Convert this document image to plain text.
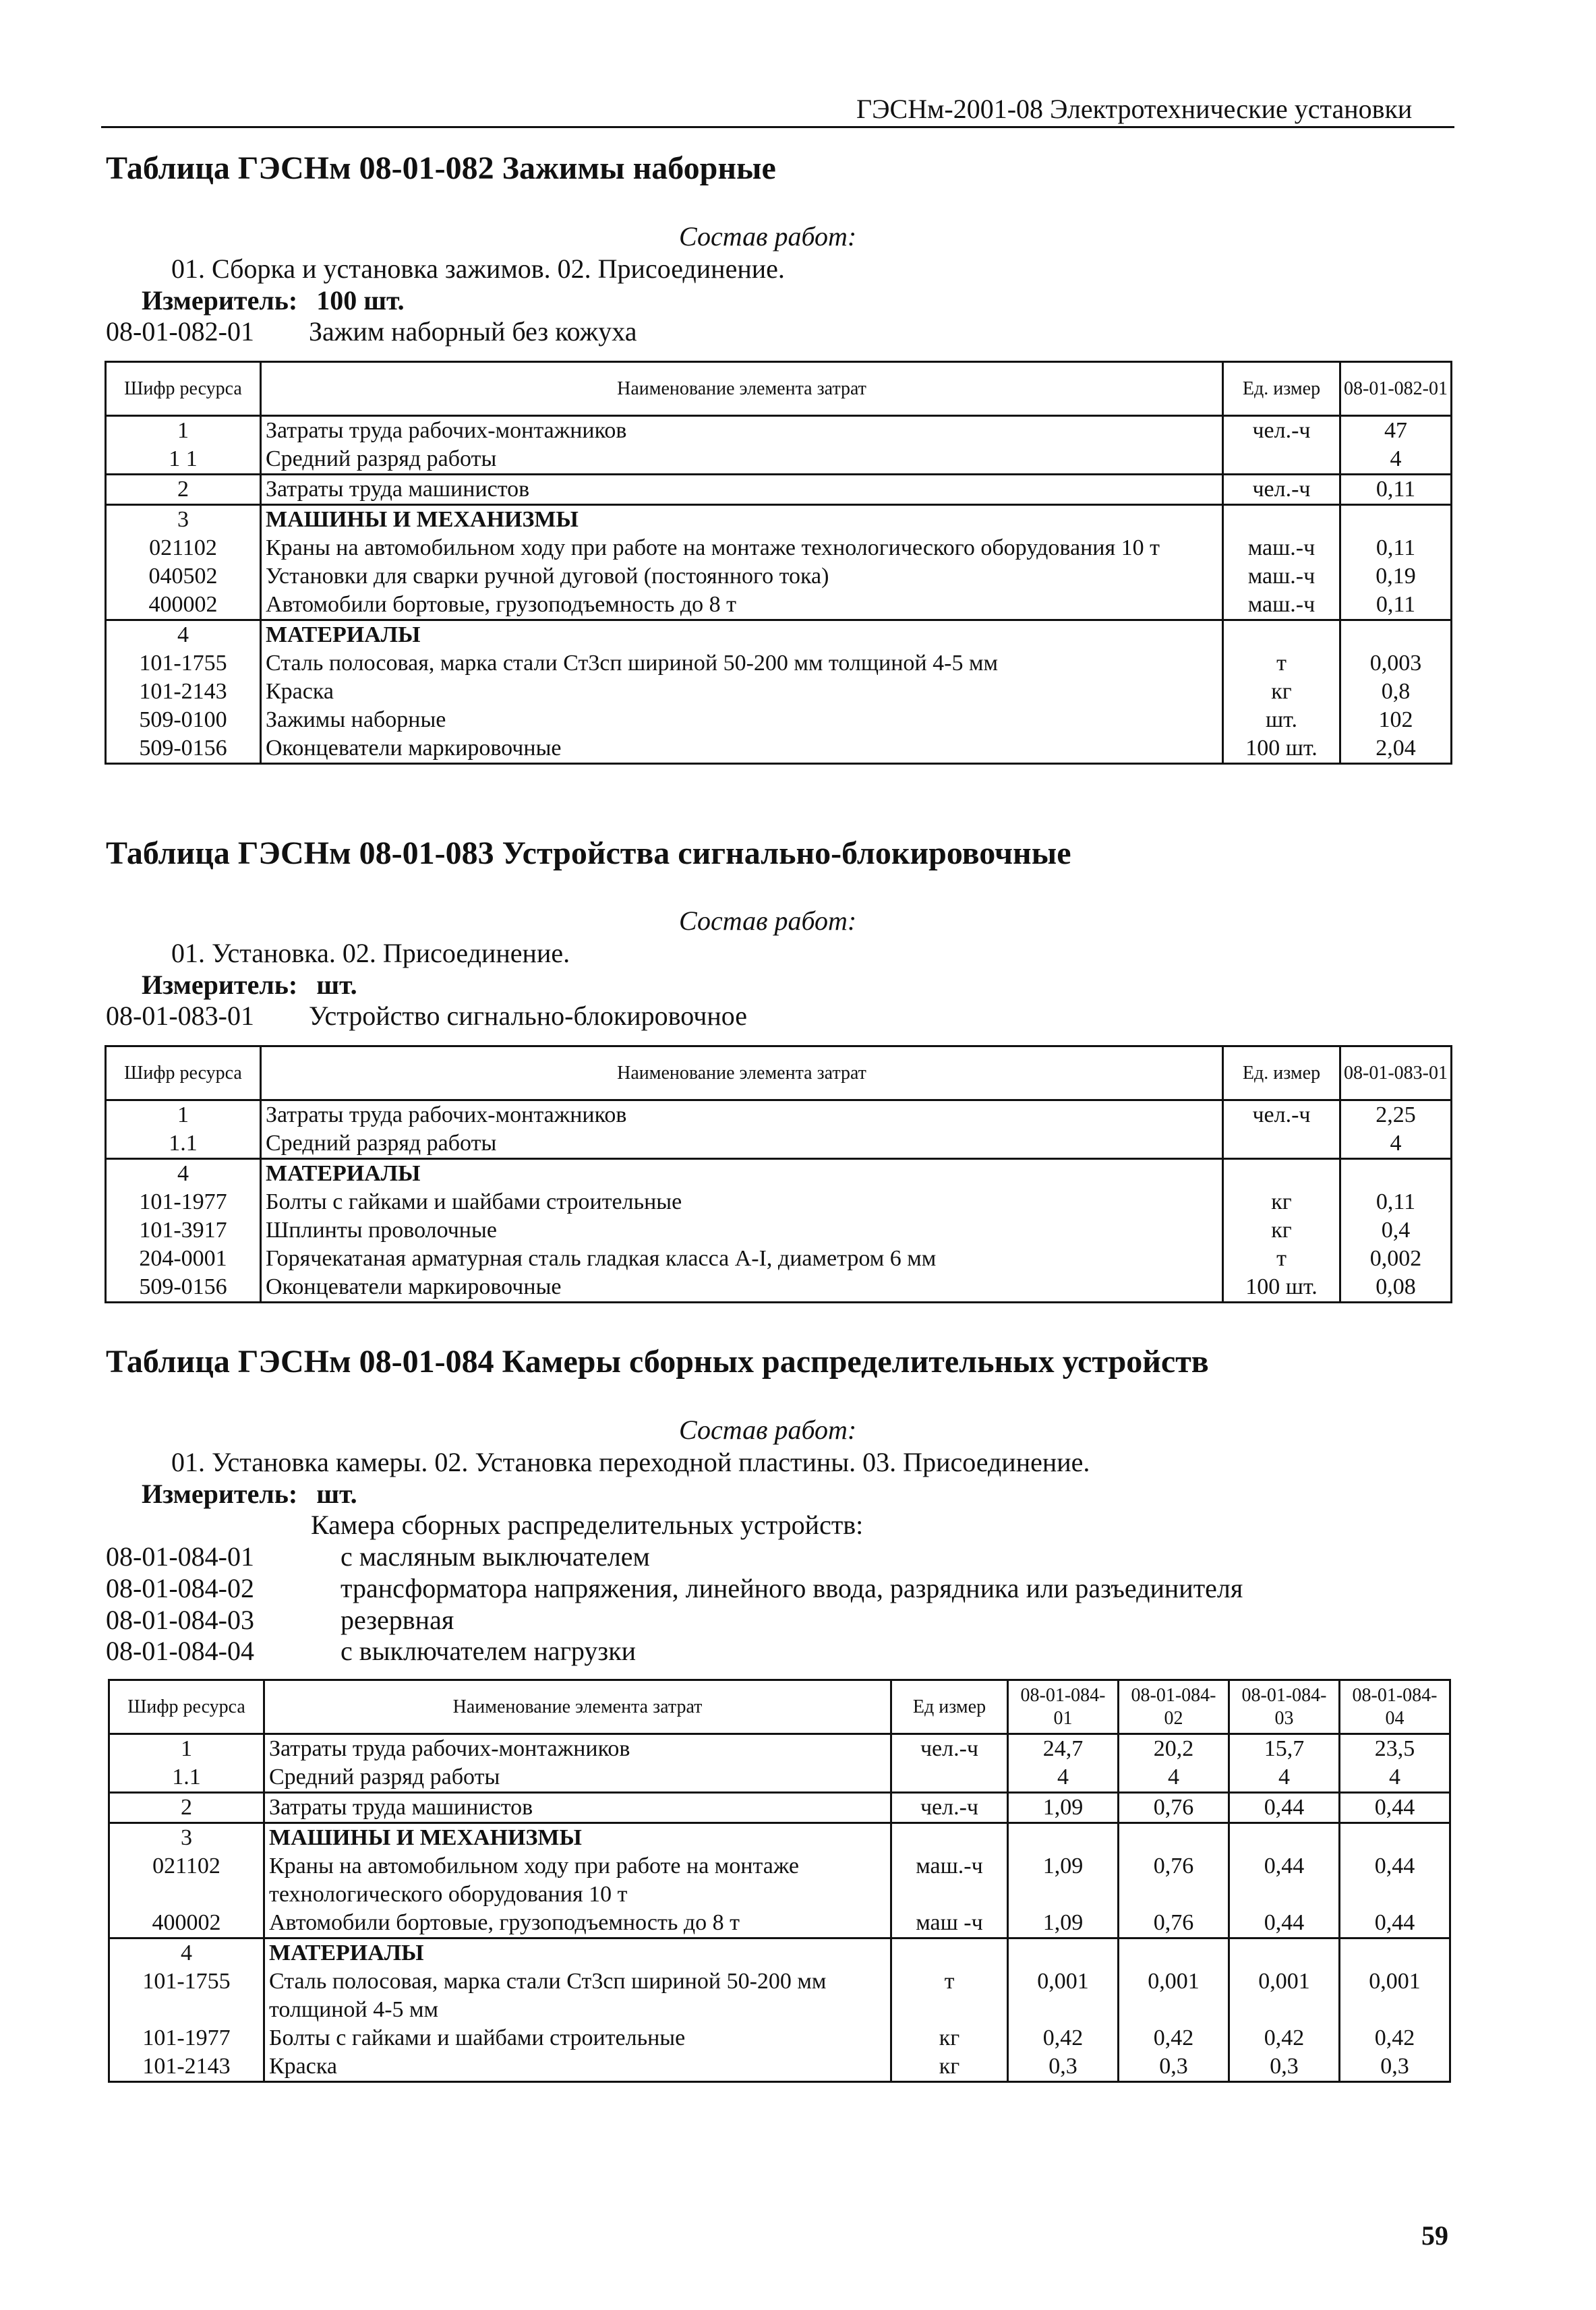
ГЭСНм-2001-08 Электротехнические установки
Таблица ГЭСНм 08-01-082 Зажимы наборные
Состав работ:
01. Сборка и установка зажимов. 02. Присоединение.
Измеритель: 100 шт.
08-01-082-01 Зажим наборный без кожуха
Шифр ресурса	Наименование элемента затрат	Ед. измер	08-01-082-01
1	Затраты труда рабочих-монтажников	чел.-ч	47
1 1	Средний разряд работы		4
2	Затраты труда машинистов	чел.-ч	0,11
3	МАШИНЫ И МЕХАНИЗМЫ		
021102	Краны на автомобильном ходу при работе на монтаже технологического оборудования 10 т	маш.-ч	0,11
040502	Установки для сварки ручной дуговой (постоянного тока)	маш.-ч	0,19
400002	Автомобили бортовые, грузоподъемность до 8 т	маш.-ч	0,11
4	МАТЕРИАЛЫ		
101-1755	Сталь полосовая, марка стали Ст3сп шириной 50-200 мм толщиной 4-5 мм	т	0,003
101-2143	Краска	кг	0,8
509-0100	Зажимы наборные	шт.	102
509-0156	Оконцеватели маркировочные	100 шт.	2,04
Таблица ГЭСНм 08-01-083 Устройства сигнально-блокировочные
Состав работ:
01. Установка. 02. Присоединение.
Измеритель: шт.
08-01-083-01 Устройство сигнально-блокировочное
Шифр ресурса	Наименование элемента затрат	Ед. измер	08-01-083-01
1	Затраты труда рабочих-монтажников	чел.-ч	2,25
1.1	Средний разряд работы		4
4	МАТЕРИАЛЫ		
101-1977	Болты с гайками и шайбами строительные	кг	0,11
101-3917	Шплинты проволочные	кг	0,4
204-0001	Горячекатаная арматурная сталь гладкая класса A-I, диаметром 6 мм	т	0,002
509-0156	Оконцеватели маркировочные	100 шт.	0,08
Таблица ГЭСНм 08-01-084 Камеры сборных распределительных устройств
Состав работ:
01. Установка камеры. 02. Установка переходной пластины. 03. Присоединение.
Измеритель: шт.
Камера сборных распределительных устройств:
08-01-084-01	с масляным выключателем
08-01-084-02	трансформатора напряжения, линейного ввода, разрядника или разъединителя
08-01-084-03	резервная
08-01-084-04	с выключателем нагрузки
Шифр ресурса	Наименование элемента затрат	Ед измер	08-01-084-01	08-01-084-02	08-01-084-03	08-01-084-04
1	Затраты труда рабочих-монтажников	чел.-ч	24,7	20,2	15,7	23,5
1.1	Средний разряд работы		4	4	4	4
2	Затраты труда машинистов	чел.-ч	1,09	0,76	0,44	0,44
3	МАШИНЫ И МЕХАНИЗМЫ					
021102	Краны на автомобильном ходу при работе на монтаже технологического оборудования 10 т	маш.-ч	1,09	0,76	0,44	0,44
400002	Автомобили бортовые, грузоподъемность до 8 т	маш -ч	1,09	0,76	0,44	0,44
4	МАТЕРИАЛЫ					
101-1755	Сталь полосовая, марка стали Ст3сп шириной 50-200 мм толщиной 4-5 мм	т	0,001	0,001	0,001	0,001
101-1977	Болты с гайками и шайбами строительные	кг	0,42	0,42	0,42	0,42
101-2143	Краска	кг	0,3	0,3	0,3	0,3
59
